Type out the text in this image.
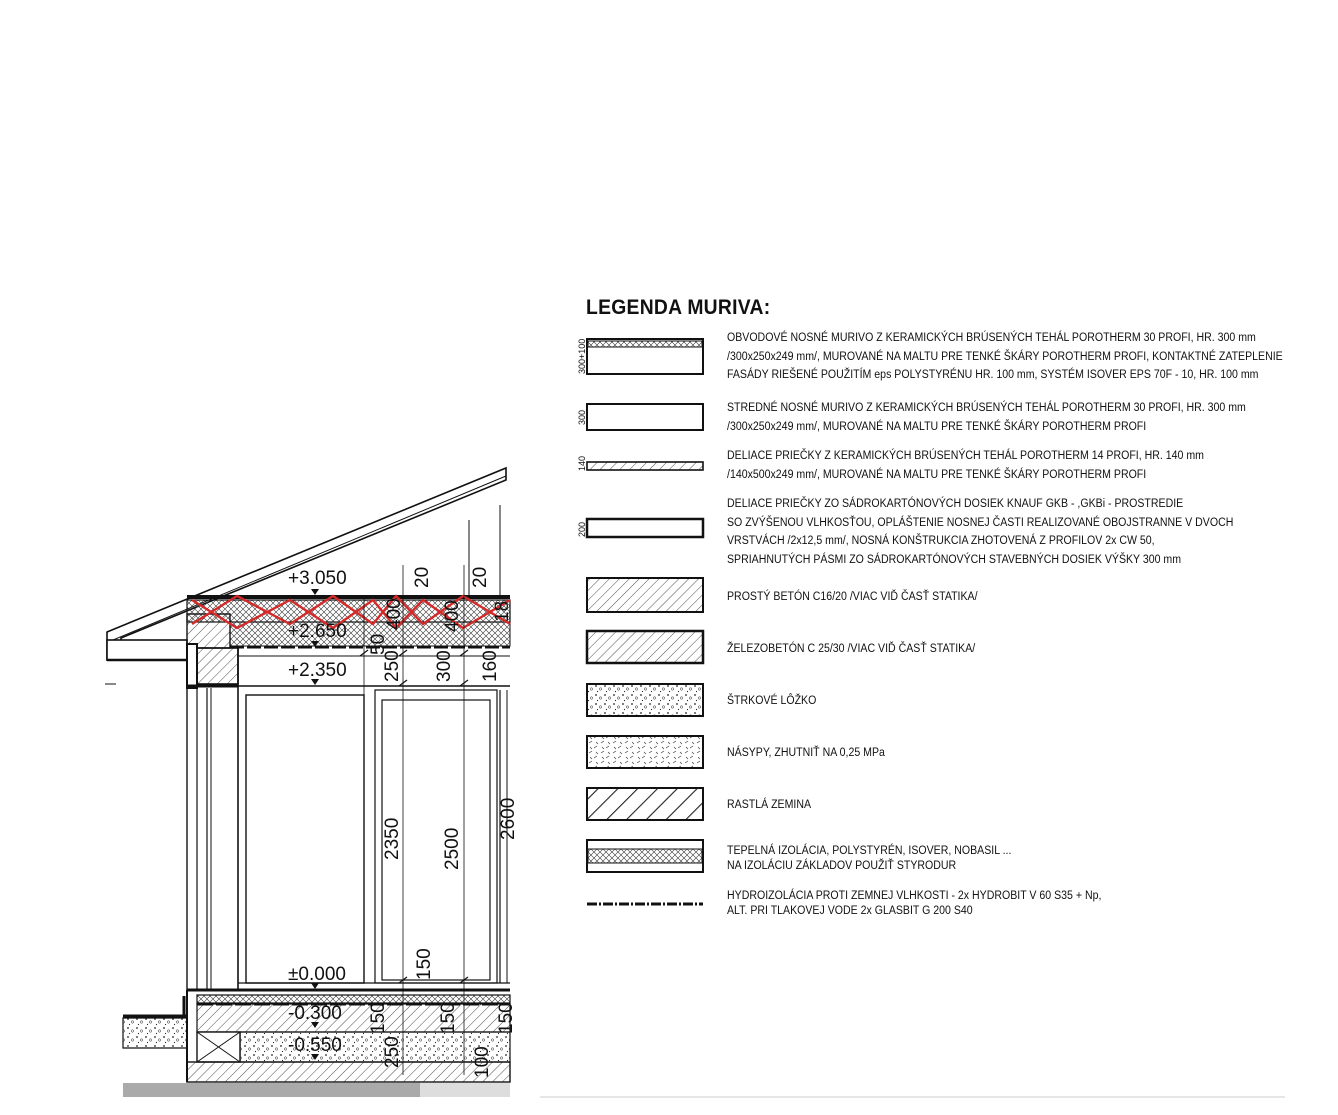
300+100
300
140
200
+3.050
+2.650
+2.350
±0.000
-0.300
-0.550
20 20
50
400 400 18
250 300 160
2350 2500
2600
150
150	150 150
250	100
LEGENDA MURIVA:
OBVODOVÉ NOSNÉ MURIVO Z KERAMICKÝCH BRÚSENÝCH TEHÁL POROTHERM 30 PROFI, HR. 300 mm
/300x250x249 mm/, MUROVANÉ NA MALTU PRE TENKÉ ŠKÁRY POROTHERM PROFI, KONTAKTNÉ ZATEPLENIE
FASÁDY RIEŠENÉ POUŽITÍM eps POLYSTYRÉNU HR. 100 mm, SYSTÉM ISOVER EPS 70F - 10, HR. 100 mm
STREDNÉ NOSNÉ MURIVO Z KERAMICKÝCH BRÚSENÝCH TEHÁL POROTHERM 30 PROFI, HR. 300 mm
/300x250x249 mm/, MUROVANÉ NA MALTU PRE TENKÉ ŠKÁRY POROTHERM PROFI
DELIACE PRIEČKY Z KERAMICKÝCH BRÚSENÝCH TEHÁL POROTHERM 14 PROFI, HR. 140 mm
/140x500x249 mm/, MUROVANÉ NA MALTU PRE TENKÉ ŠKÁRY POROTHERM PROFI
DELIACE PRIEČKY ZO SÁDROKARTÓNOVÝCH DOSIEK KNAUF GKB - ,GKBi - PROSTREDIE
SO ZVÝŠENOU VLHKOSŤOU, OPLÁŠTENIE NOSNEJ ČASTI REALIZOVANÉ OBOJSTRANNE V DVOCH
VRSTVÁCH /2x12,5 mm/, NOSNÁ KONŠTRUKCIA ZHOTOVENÁ Z PROFILOV 2x CW 50,
SPRIAHNUTÝCH PÁSMI ZO SÁDROKARTÓNOVÝCH STAVEBNÝCH DOSIEK VÝŠKY 300 mm
PROSTÝ BETÓN C16/20 /VIAC VIĎ ČASŤ STATIKA/
ŽELEZOBETÓN C 25/30 /VIAC VIĎ ČASŤ STATIKA/
ŠTRKOVÉ LÔŽKO
NÁSYPY, ZHUTNIŤ NA 0,25 MPa
RASTLÁ ZEMINA
TEPELNÁ IZOLÁCIA, POLYSTYRÉN, ISOVER, NOBASIL ...
NA IZOLÁCIU ZÁKLADOV POUŽIŤ STYRODUR
HYDROIZOLÁCIA PROTI ZEMNEJ VLHKOSTI - 2x HYDROBIT V 60 S35 + Np,
ALT. PRI TLAKOVEJ VODE 2x GLASBIT G 200 S40
